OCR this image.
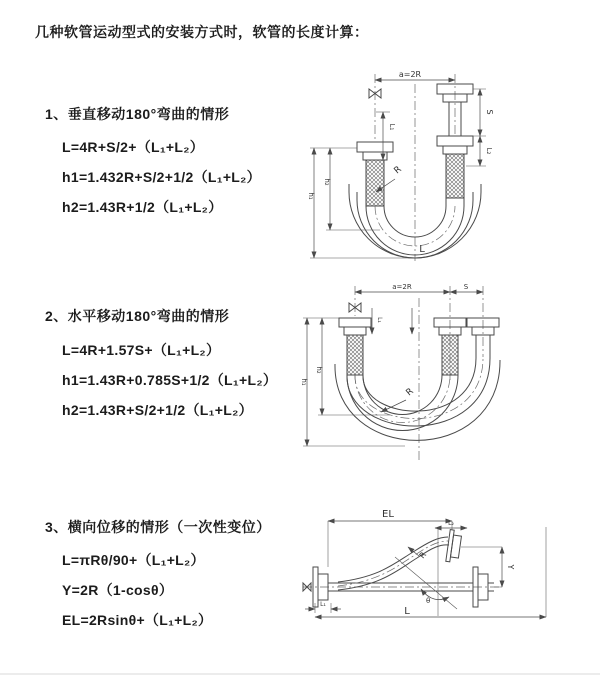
几种软管运动型式的安装方式时，软管的长度计算：
1、垂直移动180°弯曲的情形
L=4R+S/2+（L₁+L₂）
h1=1.432R+S/2+1/2（L₁+L₂）
h2=1.43R+1/2（L₁+L₂）
a=2R
S
L₂
L₁
h₁
h₂
R
L
2、水平移动180°弯曲的情形
L=4R+1.57S+（L₁+L₂）
h1=1.43R+0.785S+1/2（L₁+L₂）
h2=1.43R+S/2+1/2（L₁+L₂）
a=2R	S
L₁
h₁
h₂
R
3、横向位移的情形（一次性变位）
L=πRθ/90+（L₁+L₂）
Y=2R（1-cosθ）
EL=2Rsinθ+（L₁+L₂）
EL
L₂
Y
R
θ
L₁
L
